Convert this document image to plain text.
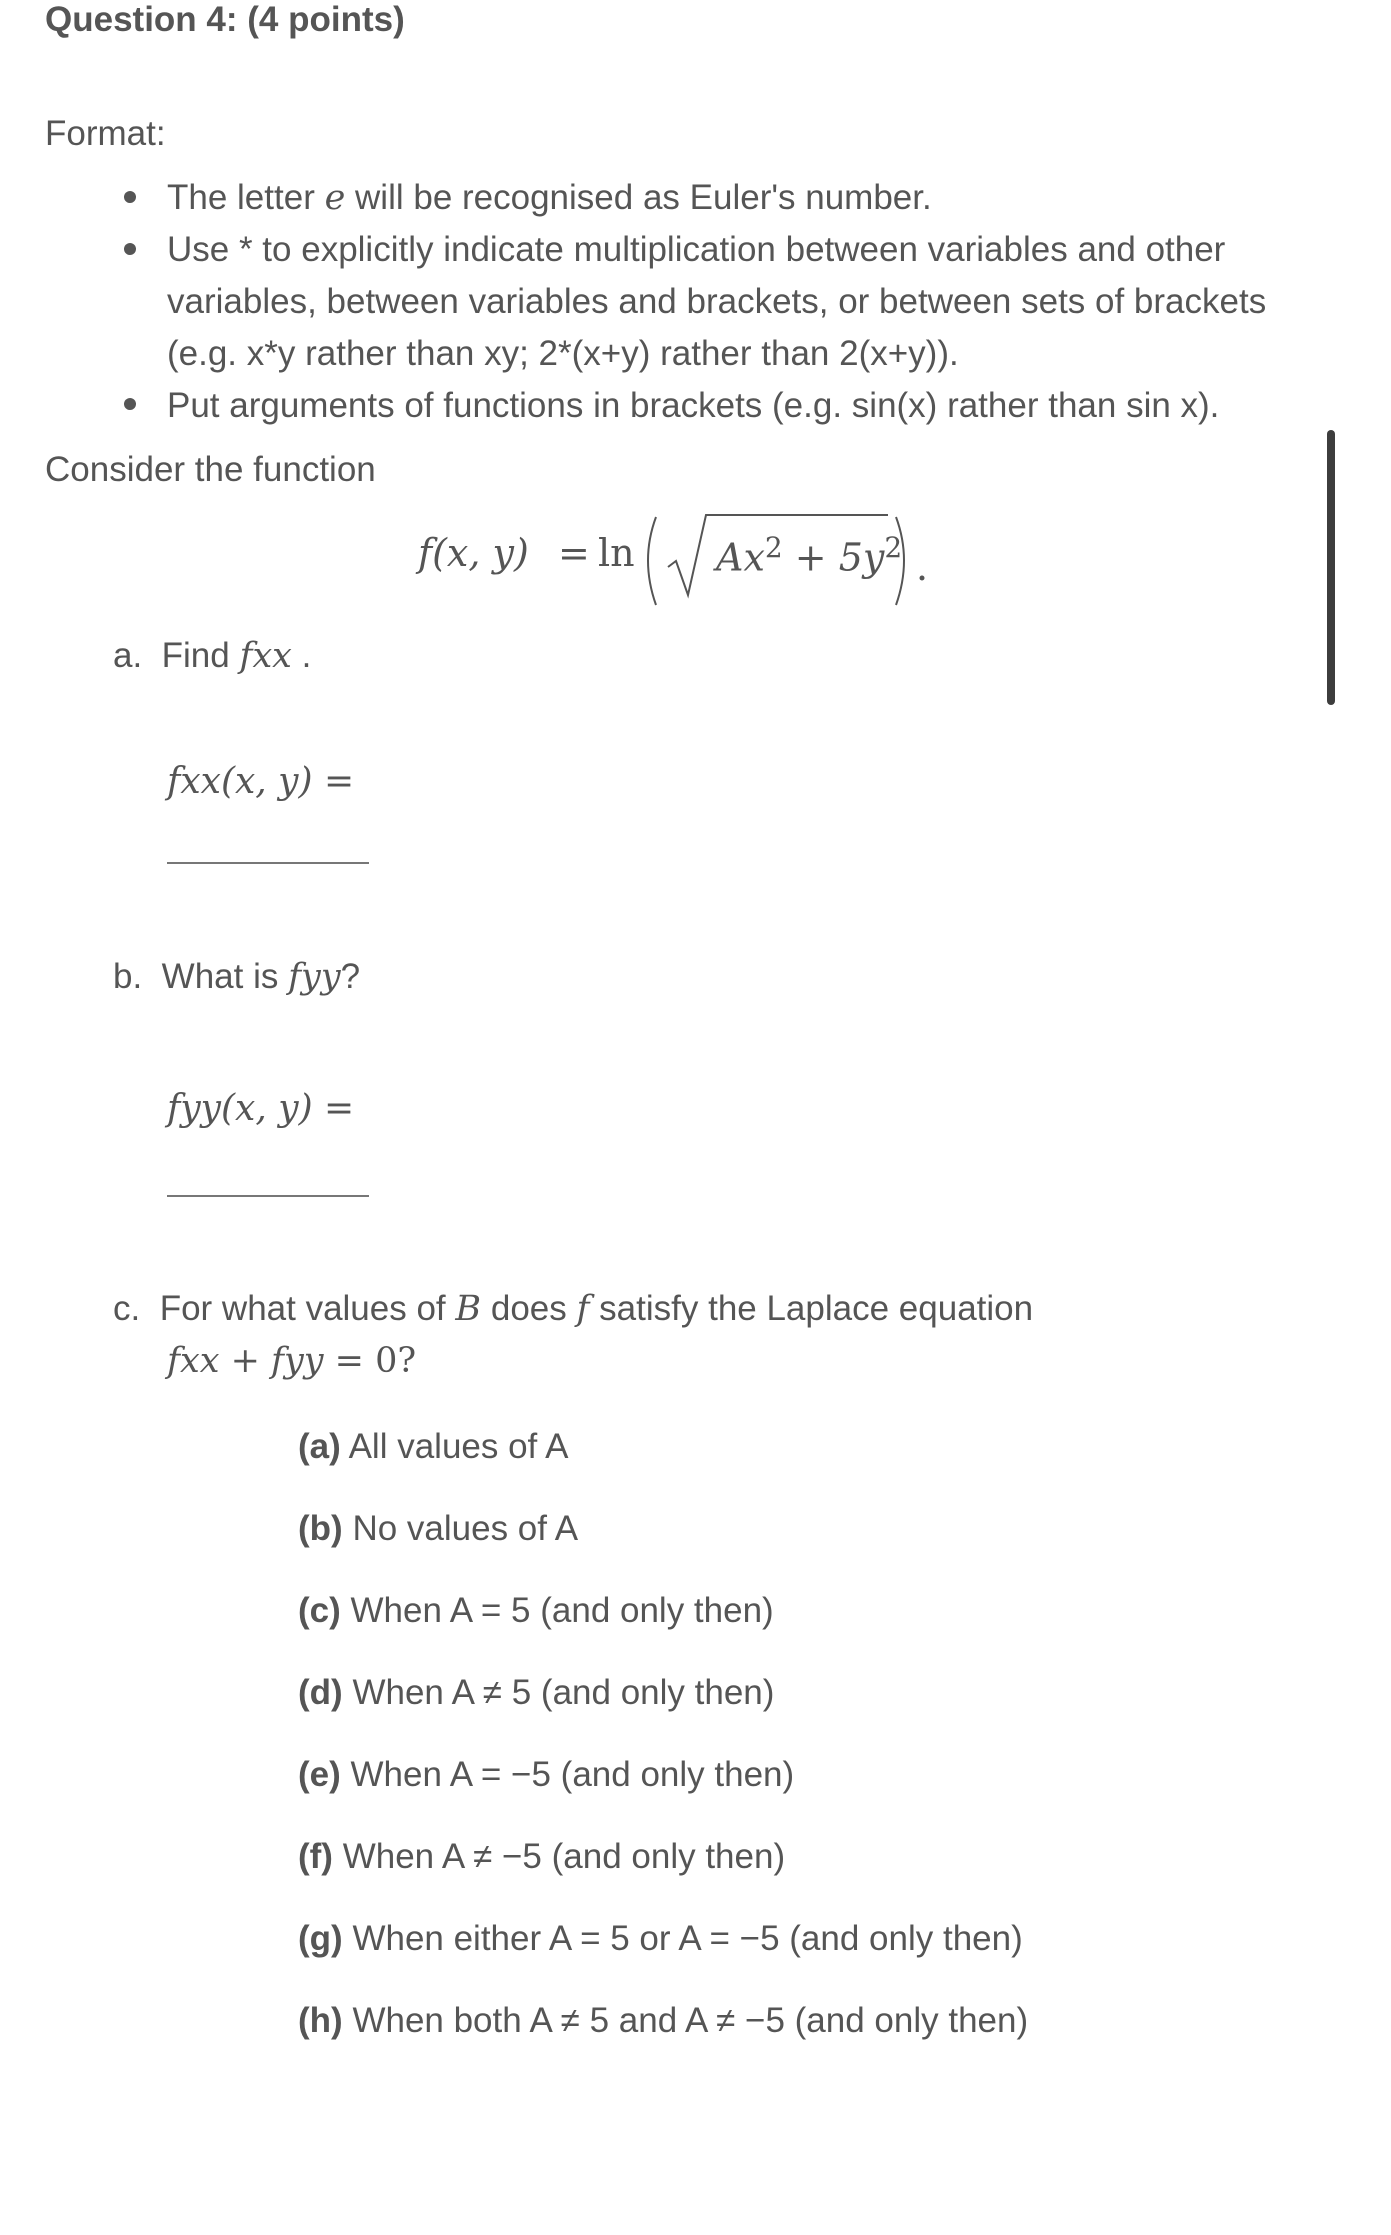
Question 4: (4 points)
Format:
The letter e will be recognised as Euler's number.
Use * to explicitly indicate multiplication between variables and other
variables, between variables and brackets, or between sets of brackets
(e.g. x*y rather than xy; 2*(x+y) rather than 2(x+y)).
Put arguments of functions in brackets (e.g. sin(x) rather than sin x).
Consider the function
f(x, $y) = \ln Ax^2 + 5y^2$
a. Find fxx .
fxx(x, y) =
b. What is fyy?
fyy(x, y) =
c. For what values of B does f satisfy the Laplace equation
fxx + fyy = 0?
(a) All values of A
(b) No values of A
(c) When A = 5 (and only then)
(d) When A ≠ 5 (and only then)
(e) When A = −5 (and only then)
(f) When A ≠ −5 (and only then)
(g) When either A = 5 or A = −5 (and only then)
(h) When both A ≠ 5 and A ≠ −5 (and only then)
